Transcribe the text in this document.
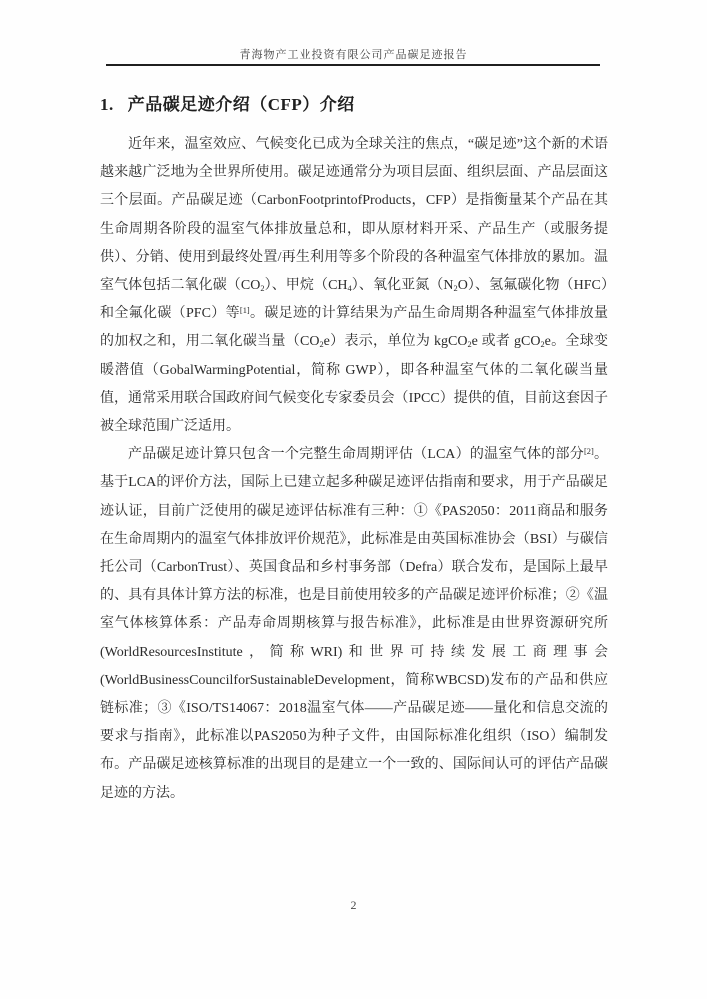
青海物产工业投资有限公司产品碳足迹报告
1. 产品碳足迹介绍（CFP）介绍

近年来，温室效应、气候变化已成为全球关注的焦点，“碳足迹”这个新的术语越来越广泛地为全世界所使用。碳足迹通常分为项目层面、组织层面、产品层面这三个层面。产品碳足迹（CarbonFootprintofProducts，CFP）是指衡量某个产品在其生命周期各阶段的温室气体排放量总和，即从原材料开采、产品生产（或服务提供）、分销、使用到最终处置/再生利用等多个阶段的各种温室气体排放的累加。温室气体包括二氧化碳$(CO_2)$、甲烷$(CH_4)$、氧化亚氮$(N_2O)$、氢氟碳化物（HFC）和全氟化碳（PFC）等[1]。碳足迹的计算结果为产品生命周期各种温室气体排放量的加权之和，用二氧化碳当量$(CO_2e)$表示，单位为 kgCO$_2$e 或者 gCO$_2$e。全球变暖潜值（GobalWarmingPotential，简称 GWP），即各种温室气体的二氧化碳当量值，通常采用联合国政府间气候变化专家委员会（IPCC）提供的值，目前这套因子被全球范围广泛适用。

产品碳足迹计算只包含一个完整生命周期评估（LCA）的温室气体的部分[2]。基于LCA的评价方法，国际上已建立起多种碳足迹评估指南和要求，用于产品碳足迹认证，目前广泛使用的碳足迹评估标准有三种：①《PAS2050：2011商品和服务在生命周期内的温室气体排放评价规范》，此标准是由英国标准协会（BSI）与碳信托公司（CarbonTrust）、英国食品和乡村事务部（Defra）联合发布，是国际上最早的、具有具体计算方法的标准，也是目前使用较多的产品碳足迹评价标准；②《温室气体核算体系：产品寿命周期核算与报告标准》，此标准是由世界资源研究所(WorldResourcesInstitute，简称WRI)和世界可持续发展工商理事会(WorldBusinessCouncilforSustainableDevelopment，简称WBCSD)发布的产品和供应链标准；③《ISO/TS14067：2018温室气体——产品碳足迹——量化和信息交流的要求与指南》，此标准以PAS2050为种子文件，由国际标准化组织（ISO）编制发布。产品碳足迹核算标准的出现目的是建立一个一致的、国际间认可的评估产品碳足迹的方法。

2
